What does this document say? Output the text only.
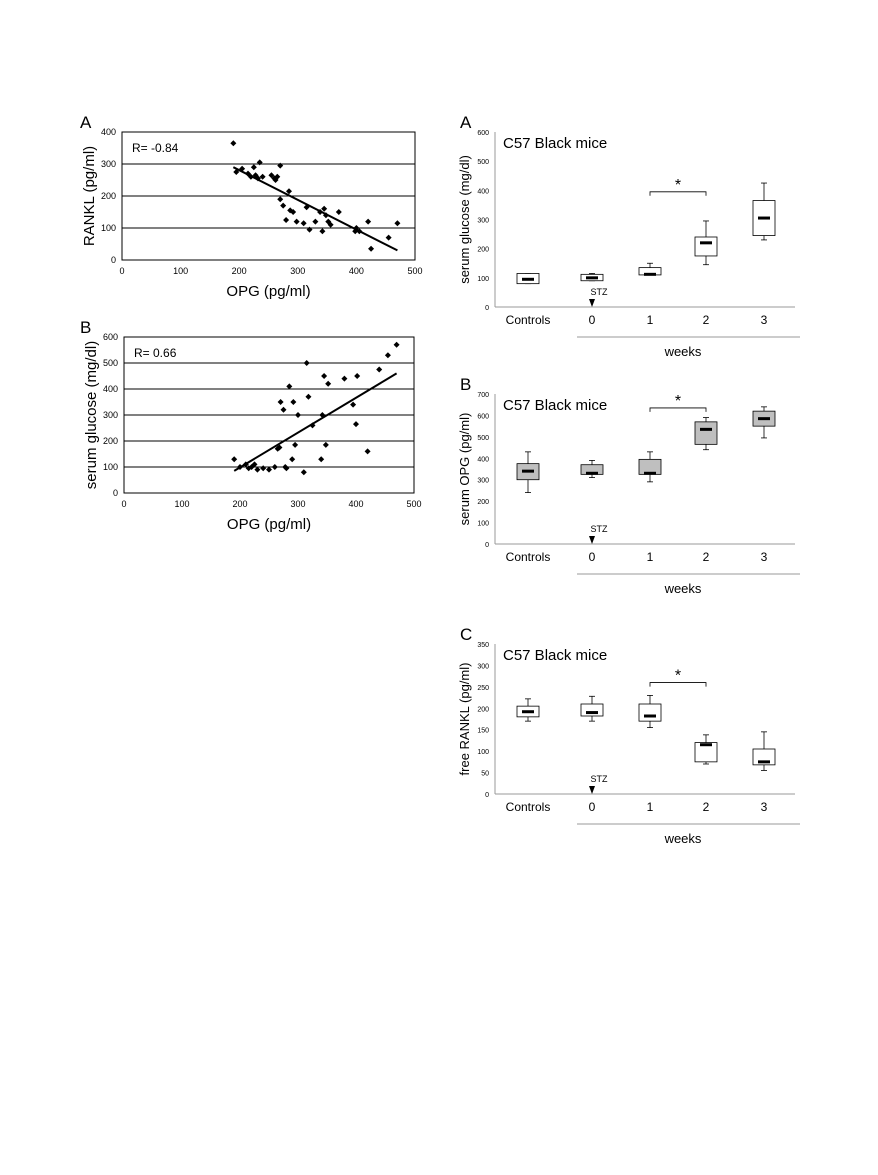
A
0
100
200
300
400
0	100	200	300	400	500
OPG (pg/ml)
RANKL (pg/ml)	R= -0.84
B
0
100
200
300
400
500
600
0	100	200	300	400	500
OPG (pg/ml)
serum glucose (mg/dl)	R= 0.66
A
C57 Black mice
0
100
200
300
400
500
600
serum glucose (mg/dl)
Controls	0	1	2	3
STZ
weeks
*
B
C57 Black mice
0
100
200
300
400
500
600
700
serum OPG (pg/ml)
Controls	0	1	2	3
STZ
weeks
*
C
C57 Black mice
0
50
100
150
200
250
300
350
free RANKL (pg/ml)
Controls	0	1	2	3
STZ
weeks
*
